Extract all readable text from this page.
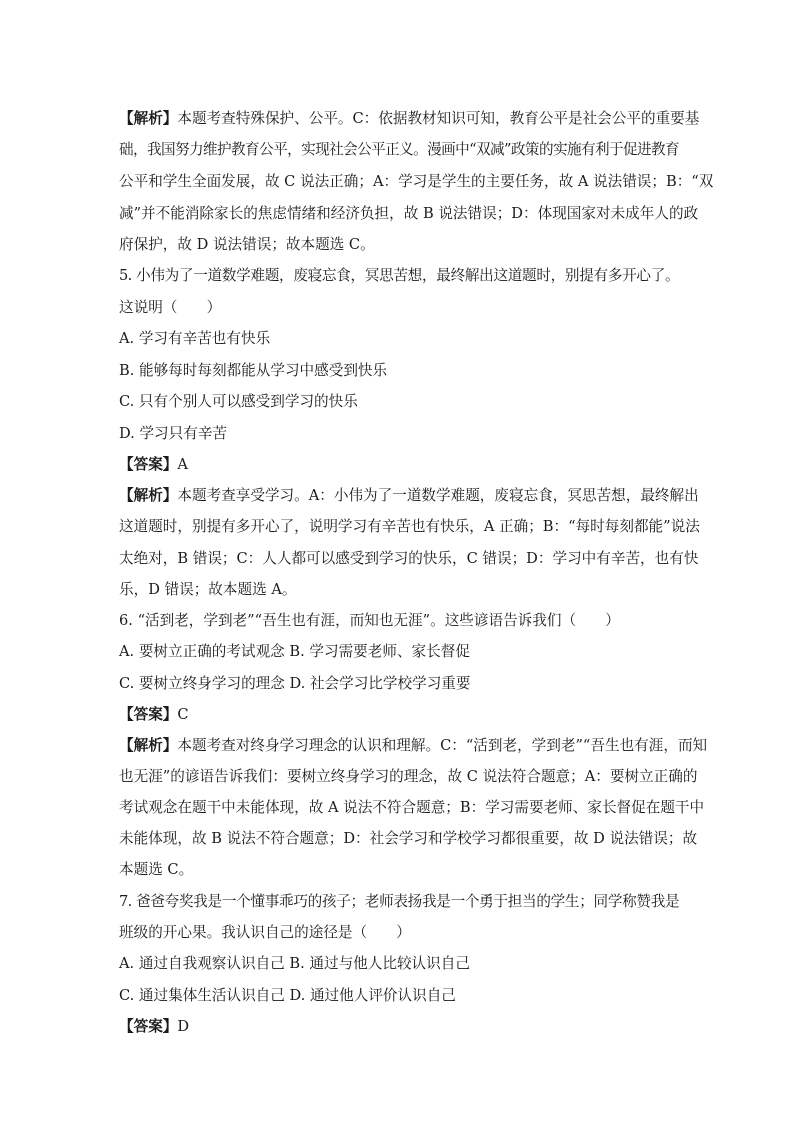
【解析】本题考查特殊保护、公平。C：依据教材知识可知，教育公平是社会公平的重要基
础，我国努力维护教育公平，实现社会公平正义。漫画中“双减”政策的实施有利于促进教育
公平和学生全面发展，故 C 说法正确；A：学习是学生的主要任务，故 A 说法错误；B：“双
减”并不能消除家长的焦虑情绪和经济负担，故 B 说法错误；D：体现国家对未成年人的政
府保护，故 D 说法错误；故本题选 C。
5. 小伟为了一道数学难题，废寝忘食，冥思苦想，最终解出这道题时，别提有多开心了。
这说明（　　）
A. 学习有辛苦也有快乐
B. 能够每时每刻都能从学习中感受到快乐
C. 只有个别人可以感受到学习的快乐
D. 学习只有辛苦
【答案】A
【解析】本题考查享受学习。A：小伟为了一道数学难题，废寝忘食，冥思苦想，最终解出
这道题时，别提有多开心了，说明学习有辛苦也有快乐，A 正确；B：“每时每刻都能”说法
太绝对，B 错误；C：人人都可以感受到学习的快乐，C 错误；D：学习中有辛苦，也有快
乐，D 错误；故本题选 A。
6. “活到老，学到老”“吾生也有涯，而知也无涯”。这些谚语告诉我们（　　）
A. 要树立正确的考试观念 B. 学习需要老师、家长督促
C. 要树立终身学习的理念 D. 社会学习比学校学习重要
【答案】C
【解析】本题考查对终身学习理念的认识和理解。C：“活到老，学到老”“吾生也有涯，而知
也无涯”的谚语告诉我们：要树立终身学习的理念，故 C 说法符合题意；A：要树立正确的
考试观念在题干中未能体现，故 A 说法不符合题意；B：学习需要老师、家长督促在题干中
未能体现，故 B 说法不符合题意；D：社会学习和学校学习都很重要，故 D 说法错误；故
本题选 C。
7. 爸爸夸奖我是一个懂事乖巧的孩子；老师表扬我是一个勇于担当的学生；同学称赞我是
班级的开心果。我认识自己的途径是（　　）
A. 通过自我观察认识自己 B. 通过与他人比较认识自己
C. 通过集体生活认识自己 D. 通过他人评价认识自己
【答案】D
